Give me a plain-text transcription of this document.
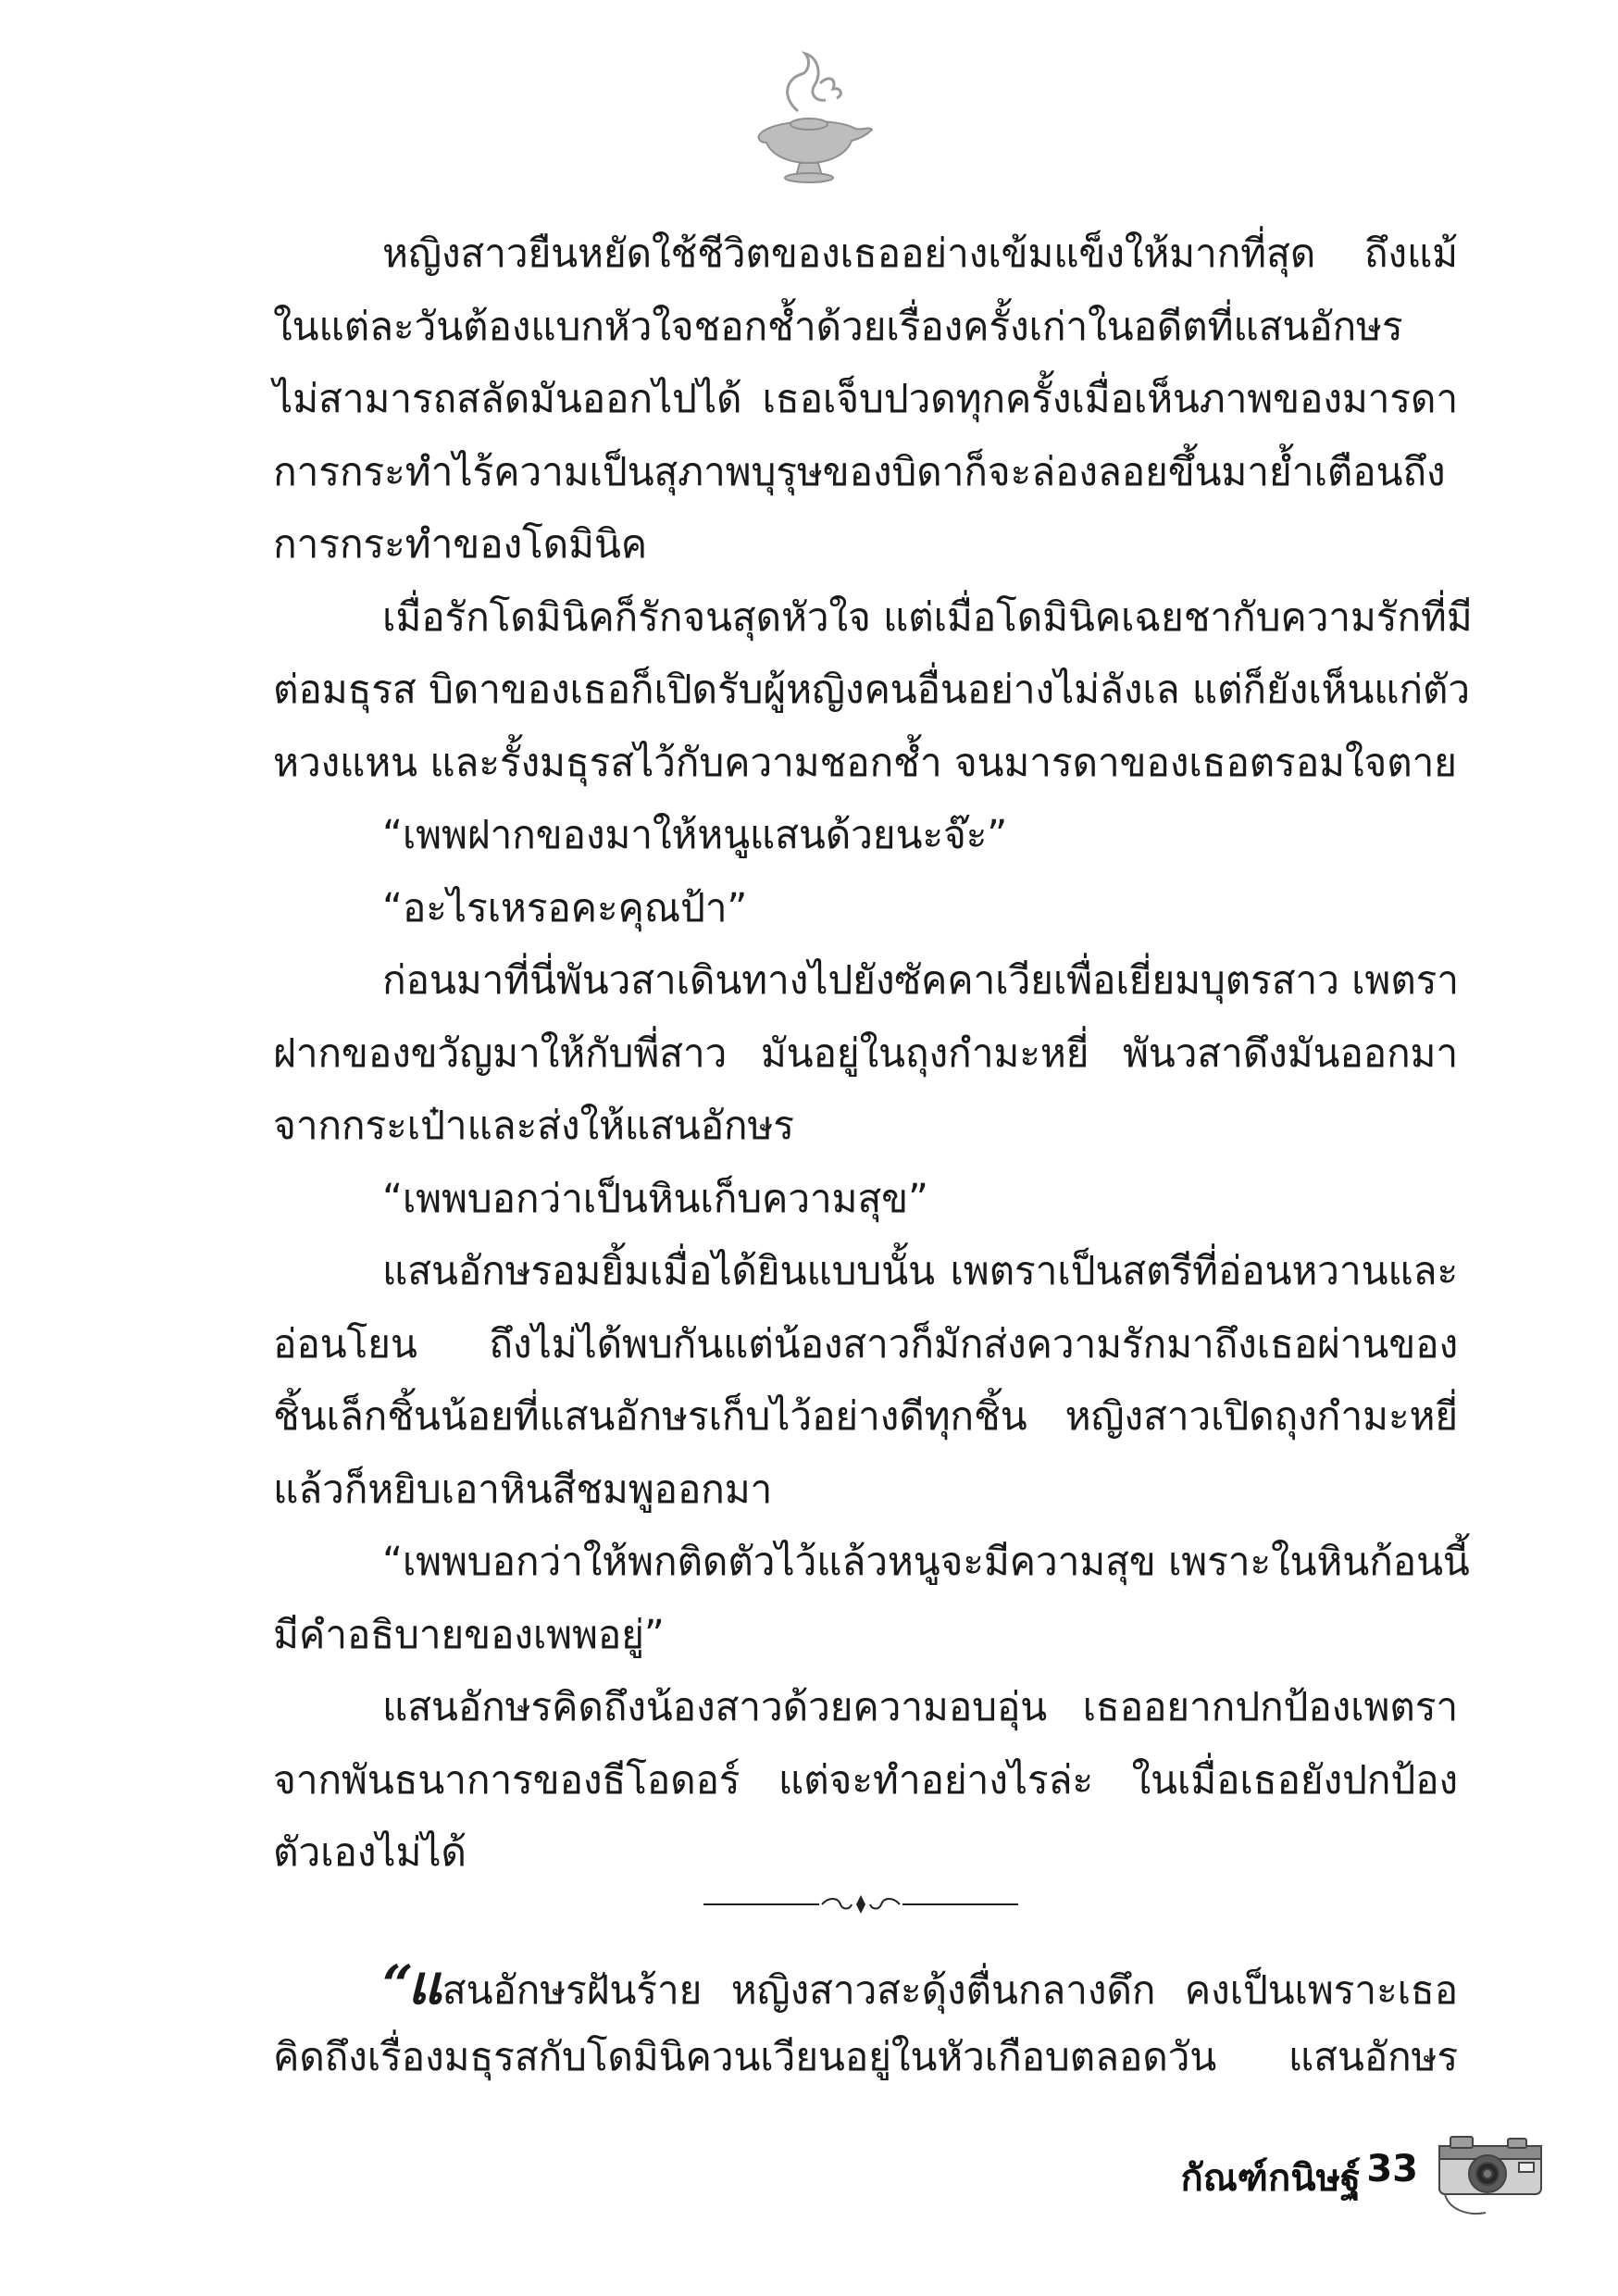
หญิงสาวยืนหยัดใช้ชีวิตของเธออย่างเข้มแข็งให้มากที่สุด ถึงแม้
ในแต่ละวันต้องแบกหัวใจชอกช้ำด้วยเรื่องครั้งเก่าในอดีตที่แสนอักษร
ไม่สามารถสลัดมันออกไปได้ เธอเจ็บปวดทุกครั้งเมื่อเห็นภาพของมารดา
การกระทำไร้ความเป็นสุภาพบุรุษของบิดาก็จะล่องลอยขึ้นมาย้ำเตือนถึง
การกระทำของโดมินิค
เมื่อรักโดมินิคก็รักจนสุดหัวใจ แต่เมื่อโดมินิคเฉยชากับความรักที่มี
ต่อมธุรส บิดาของเธอก็เปิดรับผู้หญิงคนอื่นอย่างไม่ลังเล แต่ก็ยังเห็นแก่ตัว
หวงแหน และรั้งมธุรสไว้กับความชอกช้ำ จนมารดาของเธอตรอมใจตาย
“เพพฝากของมาให้หนูแสนด้วยนะจ๊ะ”
“อะไรเหรอคะคุณป้า”
ก่อนมาที่นี่พันวสาเดินทางไปยังซัคคาเวียเพื่อเยี่ยมบุตรสาว เพตรา
ฝากของขวัญมาให้กับพี่สาว มันอยู่ในถุงกำมะหยี่ พันวสาดึงมันออกมา
จากกระเป๋าและส่งให้แสนอักษร
“เพพบอกว่าเป็นหินเก็บความสุข”
แสนอักษรอมยิ้มเมื่อได้ยินแบบนั้น เพตราเป็นสตรีที่อ่อนหวานและ
อ่อนโยน ถึงไม่ได้พบกันแต่น้องสาวก็มักส่งความรักมาถึงเธอผ่านของ
ชิ้นเล็กชิ้นน้อยที่แสนอักษรเก็บไว้อย่างดีทุกชิ้น หญิงสาวเปิดถุงกำมะหยี่
แล้วก็หยิบเอาหินสีชมพูออกมา
“เพพบอกว่าให้พกติดตัวไว้แล้วหนูจะมีความสุข เพราะในหินก้อนนี้
มีคำอธิบายของเพพอยู่”
แสนอักษรคิดถึงน้องสาวด้วยความอบอุ่น เธออยากปกป้องเพตรา
จากพันธนาการของธีโอดอร์ แต่จะทำอย่างไรล่ะ ในเมื่อเธอยังปกป้อง
ตัวเองไม่ได้
“แ สนอักษรฝันร้าย หญิงสาวสะดุ้งตื่นกลางดึก คงเป็นเพราะเธอ
คิดถึงเรื่องมธุรสกับโดมินิควนเวียนอยู่ในหัวเกือบตลอดวัน แสนอักษร
กัณฑ์กนิษฐ์ 33
